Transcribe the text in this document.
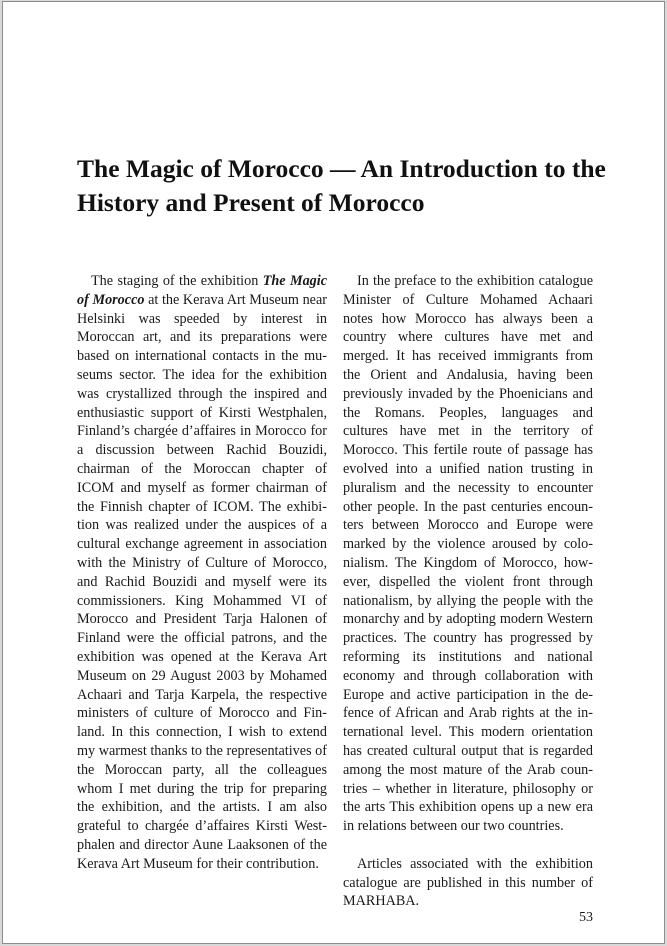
The Magic of Morocco — An Introduction to the History and Present of Morocco

The staging of the exhibition The Magic of Morocco at the Kerava Art Museum near Helsinki was speeded by interest in Moroccan art, and its preparations were based on international contacts in the museums sector. The idea for the exhibition was crystallized through the inspired and enthusiastic support of Kirsti Westphalen, Finland’s chargée d’affaires in Morocco for a discussion between Rachid Bouzidi, chairman of the Moroccan chapter of ICOM and myself as former chairman of the Finnish chapter of ICOM. The exhibition was realized under the auspices of a cultural exchange agreement in association with the Ministry of Culture of Morocco, and Rachid Bouzidi and myself were its commissioners. King Mohammed VI of Morocco and President Tarja Halonen of Finland were the official patrons, and the exhibition was opened at the Kerava Art Museum on 29 August 2003 by Mohamed Achaari and Tarja Karpela, the respective ministers of culture of Morocco and Finland. In this connection, I wish to extend my warmest thanks to the representatives of the Moroccan party, all the colleagues whom I met during the trip for preparing the exhibition, and the artists. I am also grateful to chargée d’affaires Kirsti Westphalen and director Aune Laaksonen of the Kerava Art Museum for their contribution.

In the preface to the exhibition catalogue Minister of Culture Mohamed Achaari notes how Morocco has always been a country where cultures have met and merged. It has received immigrants from the Orient and Andalusia, having been previously invaded by the Phoenicians and the Romans. Peoples, languages and cultures have met in the territory of Morocco. This fertile route of passage has evolved into a unified nation trusting in pluralism and the necessity to encounter other people. In the past centuries encounters between Morocco and Europe were marked by the violence aroused by colonialism. The Kingdom of Morocco, however, dispelled the violent front through nationalism, by allying the people with the monarchy and by adopting modern Western practices. The country has progressed by reforming its institutions and national economy and through collaboration with Europe and active participation in the defence of African and Arab rights at the international level. This modern orientation has created cultural output that is regarded among the most mature of the Arab countries – whether in literature, philosophy or the arts This exhibition opens up a new era in relations between our two countries.

Articles associated with the exhibition catalogue are published in this number of MARHABA.

53
